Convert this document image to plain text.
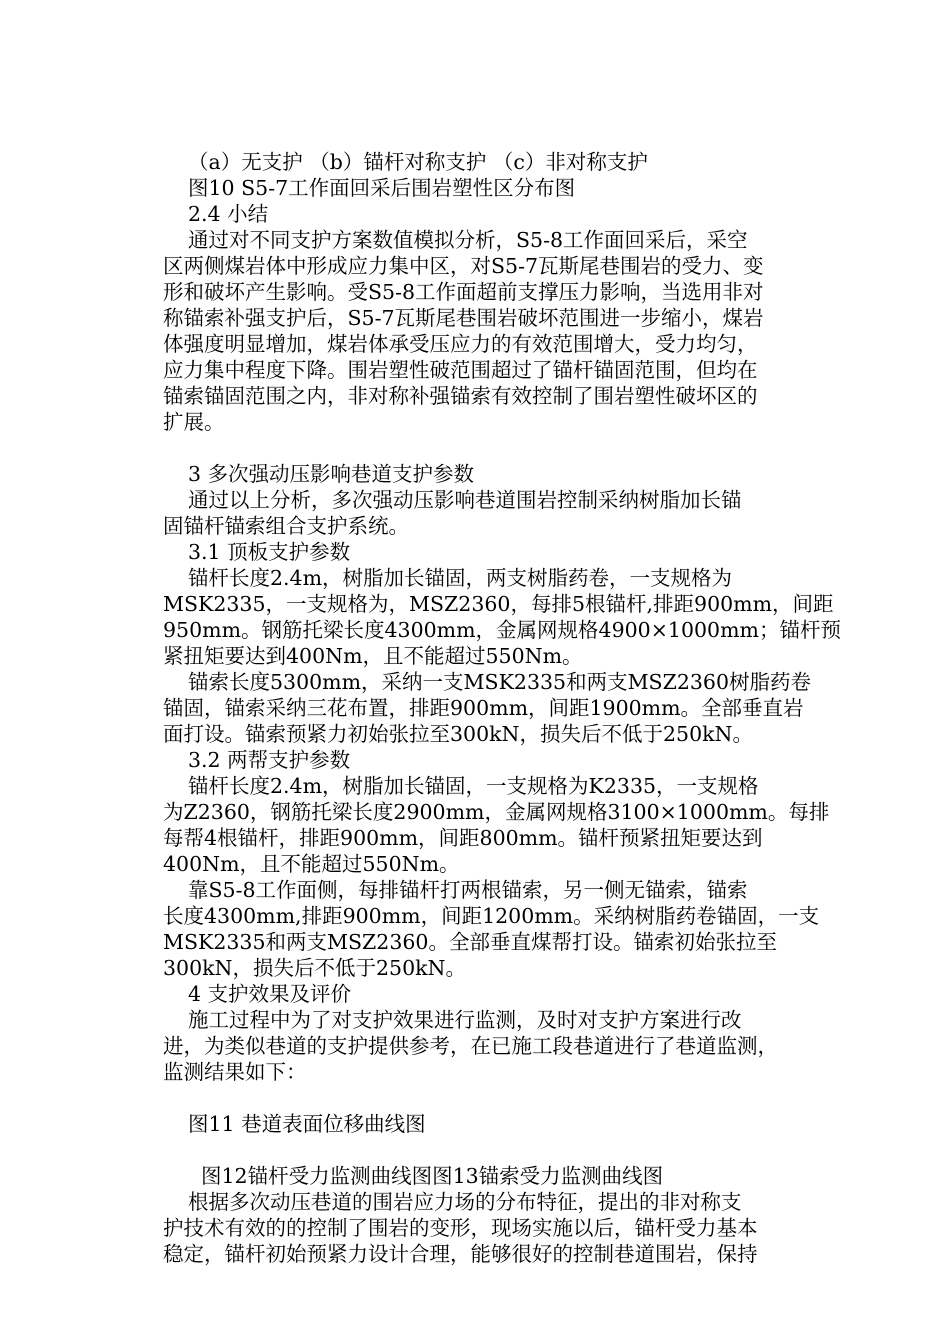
（a）无支护 （b）锚杆对称支护 （c）非对称支护

图10 S5-7工作面回采后围岩塑性区分布图

2.4 小结

通过对不同支护方案数值模拟分析，S5-8工作面回采后，采空

区两侧煤岩体中形成应力集中区，对S5-7瓦斯尾巷围岩的受力、变

形和破坏产生影响。受S5-8工作面超前支撑压力影响，当选用非对

称锚索补强支护后，S5-7瓦斯尾巷围岩破坏范围进一步缩小，煤岩

体强度明显增加，煤岩体承受压应力的有效范围增大，受力均匀，

应力集中程度下降。围岩塑性破范围超过了锚杆锚固范围，但均在

锚索锚固范围之内，非对称补强锚索有效控制了围岩塑性破坏区的

扩展。

3 多次强动压影响巷道支护参数

通过以上分析，多次强动压影响巷道围岩控制采纳树脂加长锚

固锚杆锚索组合支护系统。

3.1 顶板支护参数

锚杆长度2.4m，树脂加长锚固，两支树脂药卷，一支规格为

MSK2335，一支规格为，MSZ2360，每排5根锚杆,排距900mm，间距

950mm。钢筋托梁长度4300mm，金属网规格4900×1000mm；锚杆预

紧扭矩要达到400Nm，且不能超过550Nm。

锚索长度5300mm，采纳一支MSK2335和两支MSZ2360树脂药卷

锚固，锚索采纳三花布置，排距900mm，间距1900mm。全部垂直岩

面打设。锚索预紧力初始张拉至300kN，损失后不低于250kN。

3.2 两帮支护参数

锚杆长度2.4m，树脂加长锚固，一支规格为K2335，一支规格

为Z2360，钢筋托梁长度2900mm，金属网规格3100×1000mm。每排

每帮4根锚杆，排距900mm，间距800mm。锚杆预紧扭矩要达到

400Nm，且不能超过550Nm。

靠S5-8工作面侧，每排锚杆打两根锚索，另一侧无锚索，锚索

长度4300mm,排距900mm，间距1200mm。采纳树脂药卷锚固，一支

MSK2335和两支MSZ2360。全部垂直煤帮打设。锚索初始张拉至

300kN，损失后不低于250kN。

4 支护效果及评价

施工过程中为了对支护效果进行监测，及时对支护方案进行改

进，为类似巷道的支护提供参考，在已施工段巷道进行了巷道监测，

监测结果如下：

图11 巷道表面位移曲线图

图12锚杆受力监测曲线图图13锚索受力监测曲线图

根据多次动压巷道的围岩应力场的分布特征，提出的非对称支

护技术有效的的控制了围岩的变形，现场实施以后，锚杆受力基本

稳定，锚杆初始预紧力设计合理，能够很好的控制巷道围岩，保持
